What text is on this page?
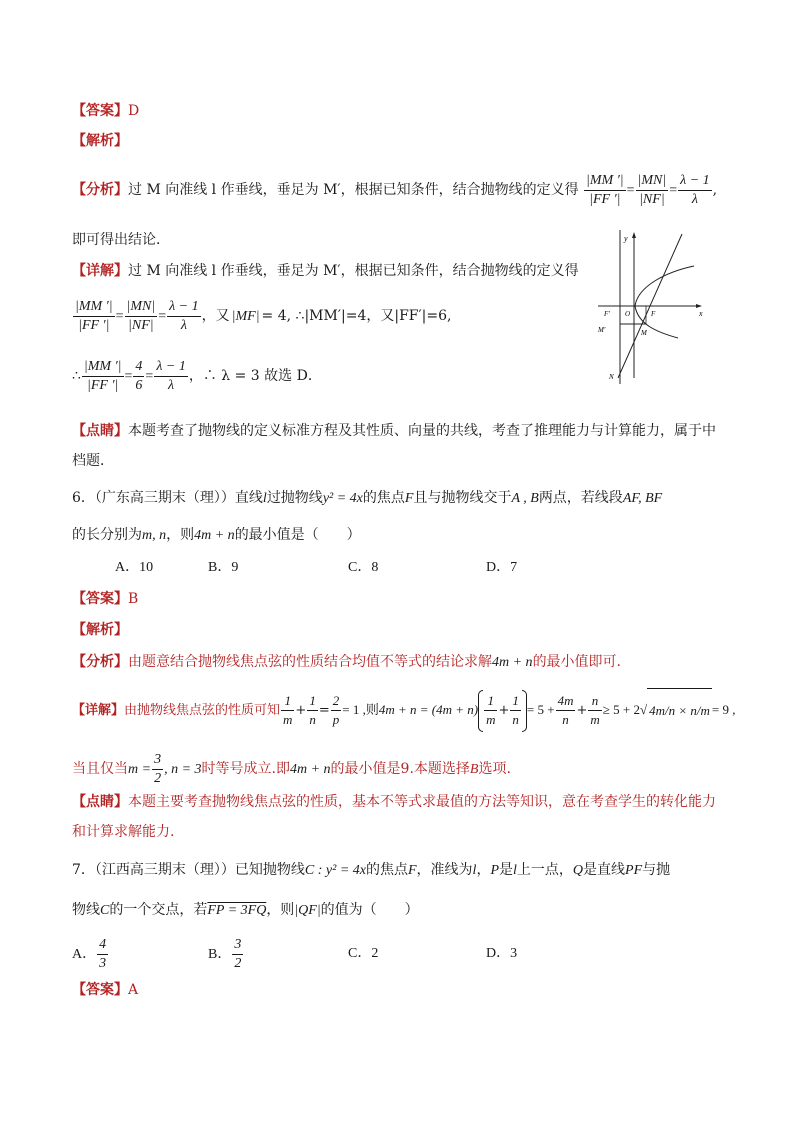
【答案】D
【解析】
【分析】过 M 向准线 l 作垂线，垂足为 M′，根据已知条件，结合抛物线的定义得 $\frac{|MM '|}{|FF '|} = \frac{|MN|}{|NF|} = \frac{\lambda - 1}{\lambda}$ ,
即可得出结论．
【详解】过 M 向准线 l 作垂线，垂足为 M′，根据已知条件，结合抛物线的定义得
$\frac{|MM '|}{|FF '|} = \frac{|MN|}{|NF|} = \frac{\lambda - 1}{\lambda}$ ，又 |MF| = 4, ∴|MM′|=4，又|FF′|=6,
∴ $\frac{|MM '|}{|FF '|} = \frac{4}{6} = \frac{\lambda - 1}{\lambda}$ ，∴ λ = 3 故选 D．
y
x
O	F
F′
M′	M
N
【点睛】本题考查了抛物线的定义标准方程及其性质、向量的共线，考查了推理能力与计算能力，属于中
档题．
6．（广东高三期末（理））直线l过抛物线y² = 4x的焦点F且与抛物线交于A , B两点，若线段AF, BF
的长分别为m, n，则4m + n的最小值是（　　）
A．10	B．9	C．8	D．7
【答案】B
【解析】
【分析】由题意结合抛物线焦点弦的性质结合均值不等式的结论求解4m + n的最小值即可.
【详解】由抛物线焦点弦的性质可知 $\frac{1}{m} + \frac{1}{n} = \frac{2}{p} = 1$ ,则$4m + n = (4m + n) \frac{1}{m} + \frac{1}{n} = 5 + \frac{4m}{n} + \frac{n}{m} \ge 5 + 2√$ 4m/n × n/m = 9 ,
当且仅当$m = \frac{3}{2}$ , n = 3时等号成立.即4m + n的最小值是9.本题选择B选项.
【点睛】本题主要考查抛物线焦点弦的性质，基本不等式求最值的方法等知识，意在考查学生的转化能力
和计算求解能力.
7．（江西高三期末（理））已知抛物线C : y² = 4x的焦点F，准线为l，P是l上一点，Q是直线PF与抛
物线C的一个交点，若FP = 3FQ，则|QF|的值为（　　）
A． $\frac{4}{3}$	B． $\frac{3}{2}$	C．2	D．3
【答案】A
